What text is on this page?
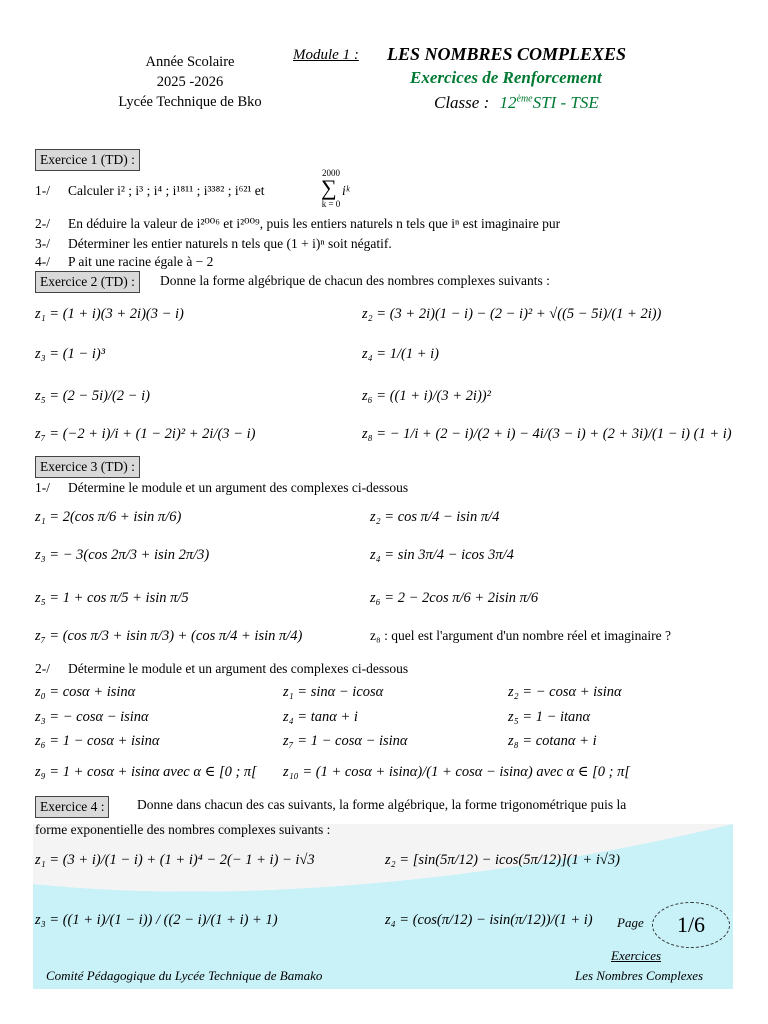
Année Scolaire
2025 -2026
Lycée Technique de Bko
Module 1 : LES NOMBRES COMPLEXES
Exercices de Renforcement
Classe : 12èmeSTI - TSE
Exercice 1 (TD) :
1-/ Calculer i² ; i³ ; i⁴ ; i¹⁸¹¹ ; i³³⁸² ; i⁶²¹ et
2000
∑
k = 0
iᵏ
2-/ En déduire la valeur de i²⁰⁰⁶ et i²⁰⁰⁹, puis les entiers naturels n tels que iⁿ est imaginaire pur
3-/ Déterminer les entier naturels n tels que (1 + i)ⁿ soit négatif.
4-/ P ait une racine égale à − 2
Exercice 2 (TD) :	Donne la forme algébrique de chacun des nombres complexes suivants :
z₁ = (1 + i)(3 + 2i)(3 − i)	z₂ = (3 + 2i)(1 − i) − (2 − i)² + √((5 − 5i)/(1 + 2i))
z₃ = (1 − i)³	z₄ = 1/(1 + i)
z₅ = (2 − 5i)/(2 − i)	z₆ = ((1 + i)/(3 + 2i))²
z₇ = (−2 + i)/i + (1 − 2i)² + 2i/(3 − i)	z₈ = − 1/i + (2 − i)/(2 + i) − 4i/(3 − i) + (2 + 3i)/(1 − i) (1 + i)
Exercice 3 (TD) :
1-/ Détermine le module et un argument des complexes ci-dessous
z₁ = 2(cos π/6 + isin π/6)	z₂ = cos π/4 − isin π/4
z₃ = − 3(cos 2π/3 + isin 2π/3)	z₄ = sin 3π/4 − icos 3π/4
z₅ = 1 + cos π/5 + isin π/5	z₆ = 2 − 2cos π/6 + 2isin π/6
z₇ = (cos π/3 + isin π/3) + (cos π/4 + isin π/4)	z₈ : quel est l'argument d'un nombre réel et imaginaire ?
2-/ Détermine le module et un argument des complexes ci-dessous
z₀ = cosα + isinα	z₁ = sinα − icosα	z₂ = − cosα + isinα
z₃ = − cosα − isinα	z₄ = tanα + i	z₅ = 1 − itanα
z₆ = 1 − cosα + isinα	z₇ = 1 − cosα − isinα	z₈ = cotanα + i
z₉ = 1 + cosα + isinα avec α ∈ [0 ; π[ z₁₀ = (1 + cosα + isinα)/(1 + cosα − isinα) avec α ∈ [0 ; π[
Exercice 4 :	Donne dans chacun des cas suivants, la forme algébrique, la forme trigonométrique puis la
forme exponentielle des nombres complexes suivants :
z₁ = (3 + i)/(1 − i) + (1 + i)⁴ − 2(− 1 + i) − i√3	z₂ = [sin(5π/12) − icos(5π/12)](1 + i√3)
z₃ = ((1 + i)/(1 − i)) / ((2 − i)/(1 + i) + 1)	z₄ = (cos(π/12) − isin(π/12))/(1 + i) Page	1/6
Exercices
Comité Pédagogique du Lycée Technique de Bamako	Les Nombres Complexes
